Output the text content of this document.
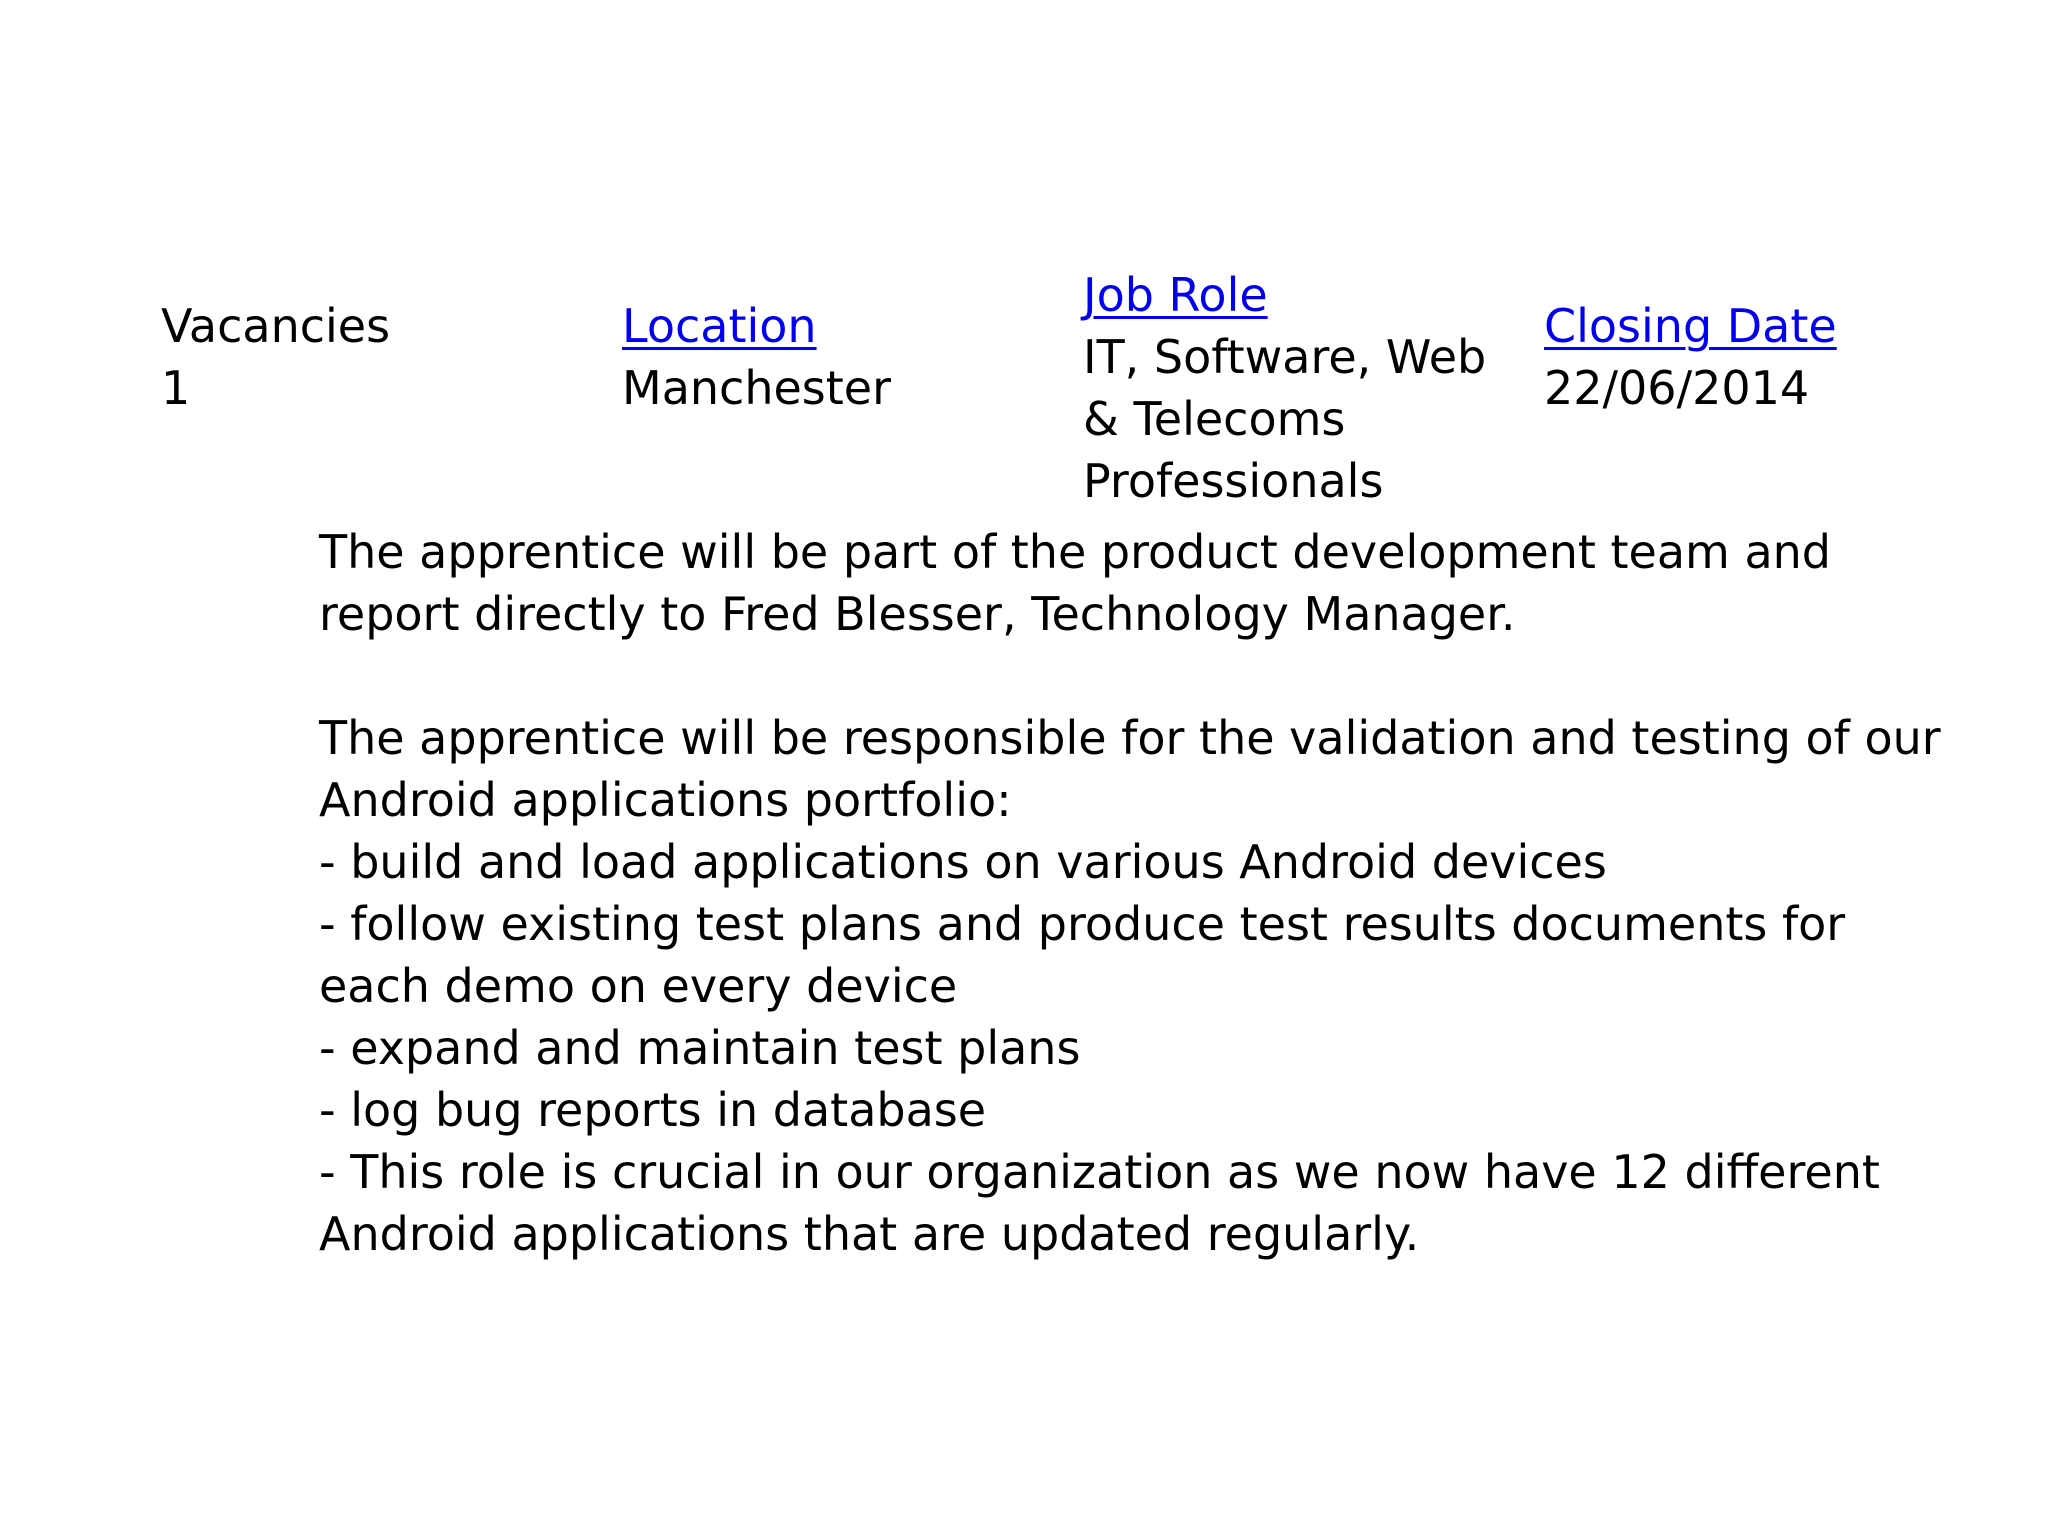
Vacancies
1
Location
Manchester
Job Role
IT, Software, Web & Telecoms Professionals
Closing Date
22/06/2014

The apprentice will be part of the product development team and

report directly to Fred Blesser, Technology Manager.

The apprentice will be responsible for the validation and testing of our

Android applications portfolio:

- build and load applications on various Android devices

- follow existing test plans and produce test results documents for

each demo on every device

- expand and maintain test plans

- log bug reports in database

- This role is crucial in our organization as we now have 12 different

Android applications that are updated regularly.
